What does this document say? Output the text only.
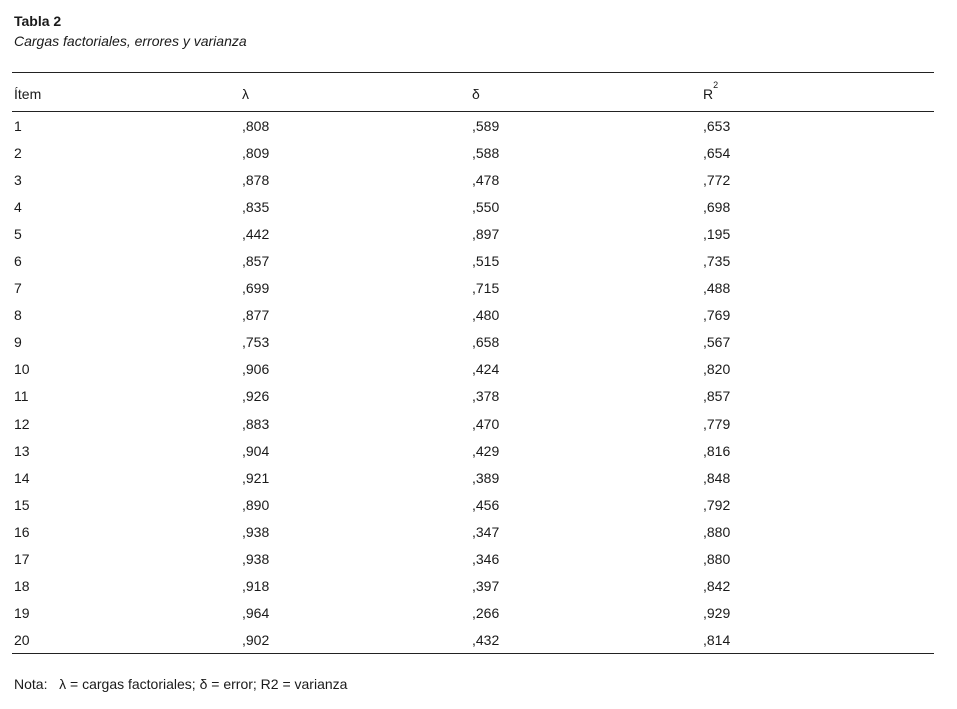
Tabla 2
Cargas factoriales, errores y varianza
Ítem	λ	δ	$R^2$
1	,808	,589	,653
2	,809	,588	,654
3	,878	,478	,772
4	,835	,550	,698
5	,442	,897	,195
6	,857	,515	,735
7	,699	,715	,488
8	,877	,480	,769
9	,753	,658	,567
10	,906	,424	,820
11	,926	,378	,857
12	,883	,470	,779
13	,904	,429	,816
14	,921	,389	,848
15	,890	,456	,792
16	,938	,347	,880
17	,938	,346	,880
18	,918	,397	,842
19	,964	,266	,929
20	,902	,432	,814
Nota:   λ = cargas factoriales; δ = error; R2 = varianza
